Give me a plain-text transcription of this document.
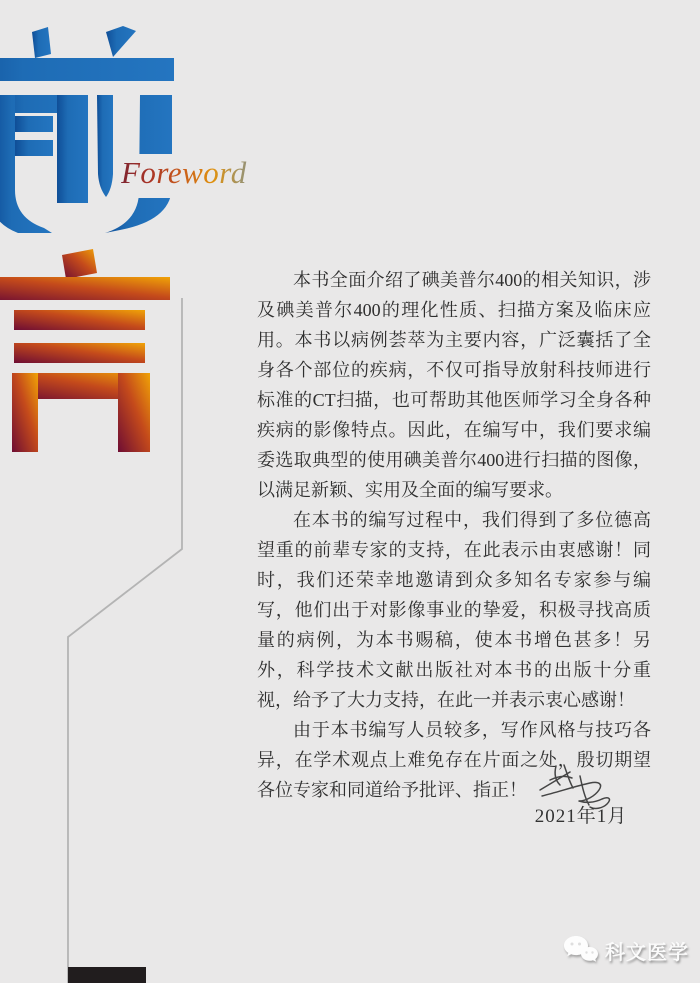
Foreword

本书全面介绍了碘美普尔400的相关知识，涉及碘美普尔400的理化性质、扫描方案及临床应用。本书以病例荟萃为主要内容，广泛囊括了全身各个部位的疾病，不仅可指导放射科技师进行标准的CT扫描，也可帮助其他医师学习全身各种疾病的影像特点。因此，在编写中，我们要求编委选取典型的使用碘美普尔400进行扫描的图像，以满足新颖、实用及全面的编写要求。

在本书的编写过程中，我们得到了多位德高望重的前辈专家的支持，在此表示由衷感谢！同时，我们还荣幸地邀请到众多知名专家参与编写，他们出于对影像事业的挚爱，积极寻找高质量的病例，为本书赐稿，使本书增色甚多！另外，科学技术文献出版社对本书的出版十分重视，给予了大力支持，在此一并表示衷心感谢！

由于本书编写人员较多，写作风格与技巧各异，在学术观点上难免存在片面之处，殷切期望各位专家和同道给予批评、指正！

2021年1月
科文医学
